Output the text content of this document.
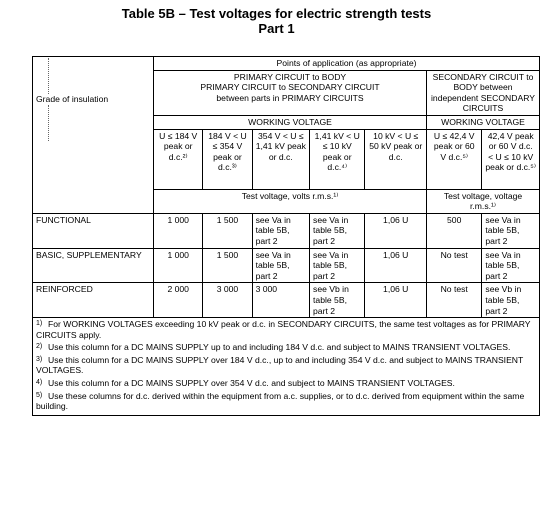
Table 5B – Test voltages for electric strength tests
Part 1
Grade of insulation	Points of application (as appropriate)						
	PRIMARY CIRCUIT to BODY
PRIMARY CIRCUIT to SECONDARY CIRCUIT
between parts in PRIMARY CIRCUITS					SECONDARY CIRCUIT to BODY between independent SECONDARY CIRCUITS	
	WORKING VOLTAGE					WORKING VOLTAGE	
	U ≤ 184 V peak or d.c.²⁾	184 V < U ≤ 354 V peak or d.c.³⁾	354 V < U ≤ 1,41 kV peak or d.c.	1,41 kV < U ≤ 10 kV peak or d.c.⁴⁾	10 kV < U ≤ 50 kV peak or d.c.	U ≤ 42,4 V peak or 60 V d.c.⁵⁾	42,4 V peak or 60 V d.c. < U ≤ 10 kV peak or d.c.⁵⁾
	Test voltage, volts r.m.s.¹⁾					Test voltage, voltage r.m.s.¹⁾	
FUNCTIONAL	1 000	1 500	see Va in table 5B, part 2	see Va in table 5B, part 2	1,06 U	500	see Va in table 5B, part 2
BASIC, SUPPLEMENTARY	1 000	1 500	see Va in table 5B, part 2	see Va in table 5B, part 2	1,06 U	No test	see Va in table 5B, part 2
REINFORCED	2 000	3 000	3 000	see Vb in table 5B, part 2	1,06 U	No test	see Vb in table 5B, part 2

1) For WORKING VOLTAGES exceeding 10 kV peak or d.c. in SECONDARY CIRCUITS, the same test voltages as for PRIMARY CIRCUITS apply.
2) Use this column for a DC MAINS SUPPLY up to and including 184 V d.c. and subject to MAINS TRANSIENT VOLTAGES.
3) Use this column for a DC MAINS SUPPLY over 184 V d.c., up to and including 354 V d.c. and subject to MAINS TRANSIENT VOLTAGES.
4) Use this column for a DC MAINS SUPPLY over 354 V d.c. and subject to MAINS TRANSIENT VOLTAGES.
5) Use these columns for d.c. derived within the equipment from a.c. supplies, or to d.c. derived from equipment within the same building.							
